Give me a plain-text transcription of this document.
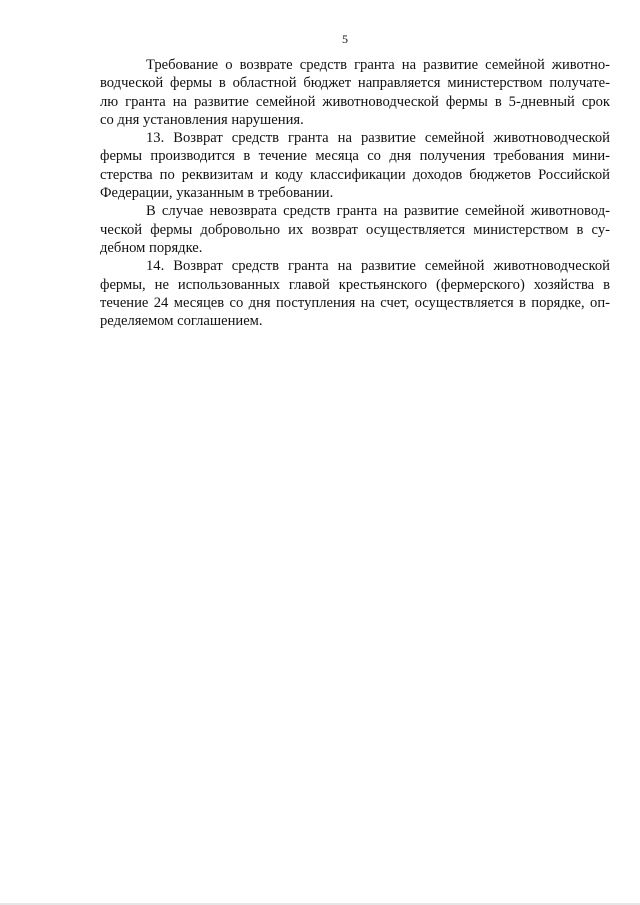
5

Требование о возврате средств гранта на развитие семейной животно-
водческой фермы в областной бюджет направляется министерством получате-
лю гранта на развитие семейной животноводческой фермы в 5-дневный срок
со дня установления нарушения.

13. Возврат средств гранта на развитие семейной животноводческой
фермы производится в течение месяца со дня получения требования мини-
стерства по реквизитам и коду классификации доходов бюджетов Российской
Федерации, указанным в требовании.

В случае невозврата средств гранта на развитие семейной животновод-
ческой фермы добровольно их возврат осуществляется министерством в су-
дебном порядке.

14. Возврат средств гранта на развитие семейной животноводческой
фермы, не использованных главой крестьянского (фермерского) хозяйства в
течение 24 месяцев со дня поступления на счет, осуществляется в порядке, оп-
ределяемом соглашением.
